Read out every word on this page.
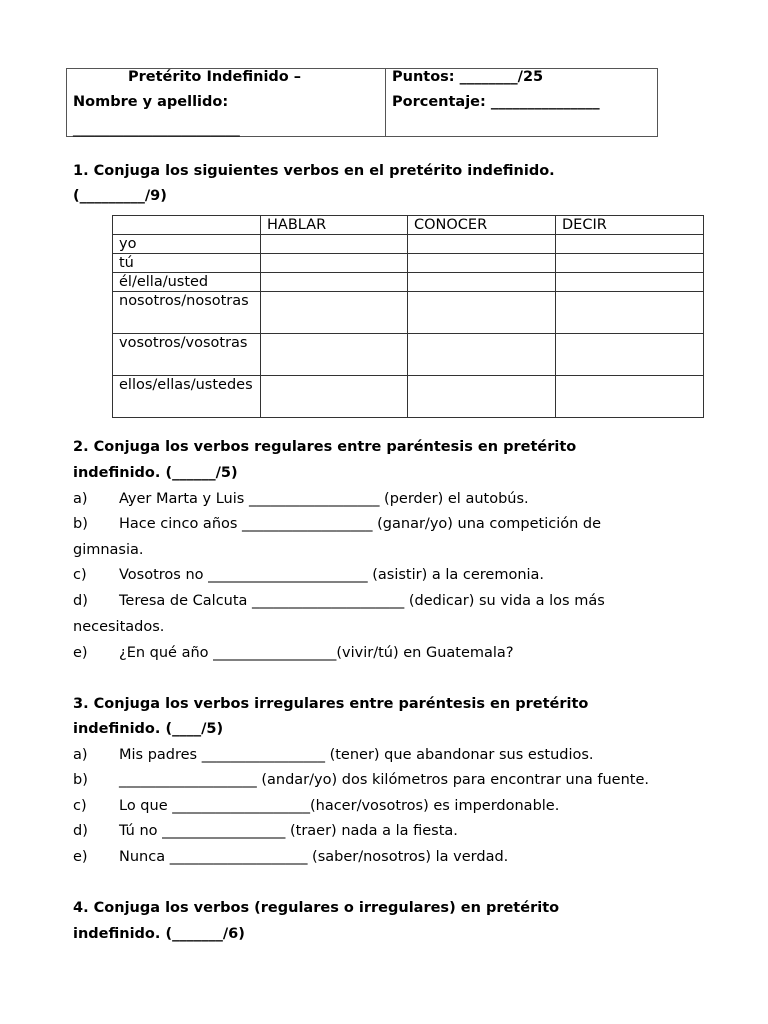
Pretérito Indefinido –
Nombre y apellido:
_______________________
Puntos: ________/25
Porcentaje: _______________
1. Conjuga los siguientes verbos en el pretérito indefinido.
(_________/9)
	HABLAR	CONOCER	DECIR
yo			
tú			
él/ella/usted			

nosotros/nosotras			

vosotros/vosotras			

ellos/ellas/ustedes			

2. Conjuga los verbos regulares entre paréntesis en pretérito
indefinido. (______/5)
a) Ayer Marta y Luis __________________ (perder) el autobús.
b) Hace cinco años __________________ (ganar/yo) una competición de
gimnasia.
c) Vosotros no ______________________ (asistir) a la ceremonia.
d) Teresa de Calcuta _____________________ (dedicar) su vida a los más
necesitados.
e) ¿En qué año _________________(vivir/tú) en Guatemala?
3. Conjuga los verbos irregulares entre paréntesis en pretérito
indefinido. (____/5)
a) Mis padres _________________ (tener) que abandonar sus estudios.
b) ___________________ (andar/yo) dos kilómetros para encontrar una fuente.
c) Lo que ___________________(hacer/vosotros) es imperdonable.
d) Tú no _________________ (traer) nada a la fiesta.
e) Nunca ___________________ (saber/nosotros) la verdad.
4. Conjuga los verbos (regulares o irregulares) en pretérito
indefinido. (_______/6)
